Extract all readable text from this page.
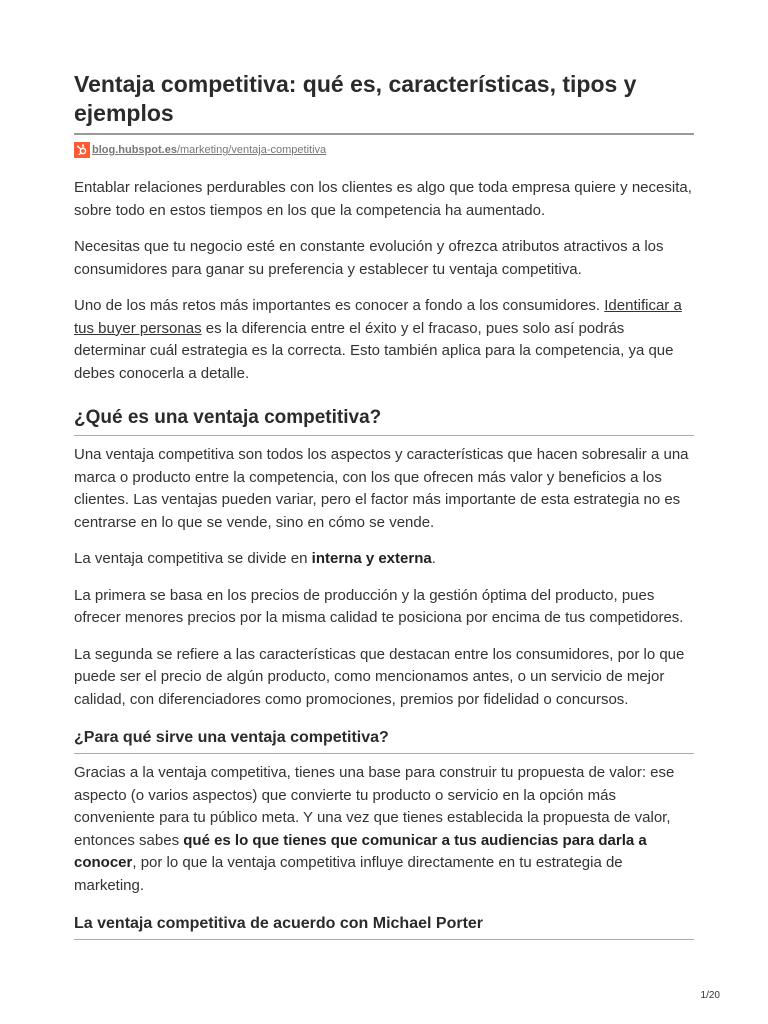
Ventaja competitiva: qué es, características, tipos y ejemplos
blog.hubspot.es /marketing/ventaja-competitiva

Entablar relaciones perdurables con los clientes es algo que toda empresa quiere y necesita, sobre todo en estos tiempos en los que la competencia ha aumentado.

Necesitas que tu negocio esté en constante evolución y ofrezca atributos atractivos a los consumidores para ganar su preferencia y establecer tu ventaja competitiva.

Uno de los más retos más importantes es conocer a fondo a los consumidores. Identificar a tus buyer personas es la diferencia entre el éxito y el fracaso, pues solo así podrás determinar cuál estrategia es la correcta. Esto también aplica para la competencia, ya que debes conocerla a detalle.

¿Qué es una ventaja competitiva?

Una ventaja competitiva son todos los aspectos y características que hacen sobresalir a una marca o producto entre la competencia, con los que ofrecen más valor y beneficios a los clientes. Las ventajas pueden variar, pero el factor más importante de esta estrategia no es centrarse en lo que se vende, sino en cómo se vende.

La ventaja competitiva se divide en interna y externa.

La primera se basa en los precios de producción y la gestión óptima del producto, pues ofrecer menores precios por la misma calidad te posiciona por encima de tus competidores.

La segunda se refiere a las características que destacan entre los consumidores, por lo que puede ser el precio de algún producto, como mencionamos antes, o un servicio de mejor calidad, con diferenciadores como promociones, premios por fidelidad o concursos.

¿Para qué sirve una ventaja competitiva?

Gracias a la ventaja competitiva, tienes una base para construir tu propuesta de valor: ese aspecto (o varios aspectos) que convierte tu producto o servicio en la opción más conveniente para tu público meta. Y una vez que tienes establecida la propuesta de valor, entonces sabes qué es lo que tienes que comunicar a tus audiencias para darla a conocer, por lo que la ventaja competitiva influye directamente en tu estrategia de marketing.

La ventaja competitiva de acuerdo con Michael Porter
1/20
